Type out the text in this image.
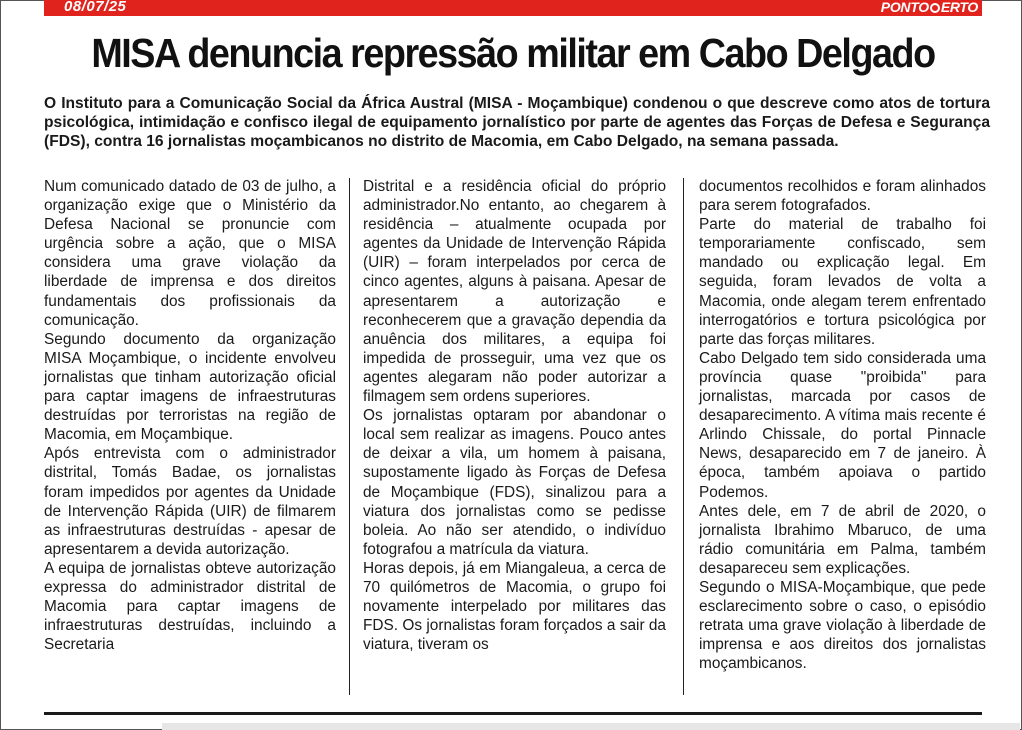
08/07/25	PONTO ERTO
MISA denuncia repressão militar em Cabo Delgado
O Instituto para a Comunicação Social da África Austral (MISA - Moçambique) condenou o que descreve como atos de tortura psicológica, intimidação e confisco ilegal de equipamento jornalístico por parte de agentes das Forças de Defesa e Segurança (FDS), contra 16 jornalistas moçambicanos no distrito de Macomia, em Cabo Delgado, na semana passada.

Num comunicado datado de 03 de julho, a organização exige que o Ministério da Defesa Nacional se pronuncie com urgência sobre a ação, que o MISA considera uma grave violação da liberdade de imprensa e dos direitos fundamentais dos profissionais da comunicação.

Segundo documento da organização MISA Moçambique, o incidente envolveu jornalistas que tinham autorização oficial para captar imagens de infraestruturas destruídas por terroristas na região de Macomia, em Moçambique.

Após entrevista com o administrador distrital, Tomás Badae, os jornalistas foram impedidos por agentes da Unidade de Intervenção Rápida (UIR) de filmarem as infraestruturas destruídas - apesar de apresentarem a devida autorização.

A equipa de jornalistas obteve autorização expressa do administrador distrital de Macomia para captar imagens de infraestruturas destruídas, incluindo a Secretaria

Distrital e a residência oficial do próprio administrador.No entanto, ao chegarem à residência – atualmente ocupada por agentes da Unidade de Intervenção Rápida (UIR) – foram interpelados por cerca de cinco agentes, alguns à paisana. Apesar de apresentarem a autorização e reconhecerem que a gravação dependia da anuência dos militares, a equipa foi impedida de prosseguir, uma vez que os agentes alegaram não poder autorizar a filmagem sem ordens superiores.

Os jornalistas optaram por abandonar o local sem realizar as imagens. Pouco antes de deixar a vila, um homem à paisana, supostamente ligado às Forças de Defesa de Moçambique (FDS), sinalizou para a viatura dos jornalistas como se pedisse boleia. Ao não ser atendido, o indivíduo fotografou a matrícula da viatura.

Horas depois, já em Miangaleua, a cerca de 70 quilómetros de Macomia, o grupo foi novamente interpelado por militares das FDS. Os jornalistas foram forçados a sair da viatura, tiveram os

documentos recolhidos e foram alinhados para serem fotografados.

Parte do material de trabalho foi temporariamente confiscado, sem mandado ou explicação legal. Em seguida, foram levados de volta a Macomia, onde alegam terem enfrentado interrogatórios e tortura psicológica por parte das forças militares.

Cabo Delgado tem sido considerada uma província quase "proibida" para jornalistas, marcada por casos de desaparecimento. A vítima mais recente é Arlindo Chissale, do portal Pinnacle News, desaparecido em 7 de janeiro. À época, também apoiava o partido Podemos.

Antes dele, em 7 de abril de 2020, o jornalista Ibrahimo Mbaruco, de uma rádio comunitária em Palma, também desapareceu sem explicações.

Segundo o MISA-Moçambique, que pede esclarecimento sobre o caso, o episódio retrata uma grave violação à liberdade de imprensa e aos direitos dos jornalistas moçambicanos.
